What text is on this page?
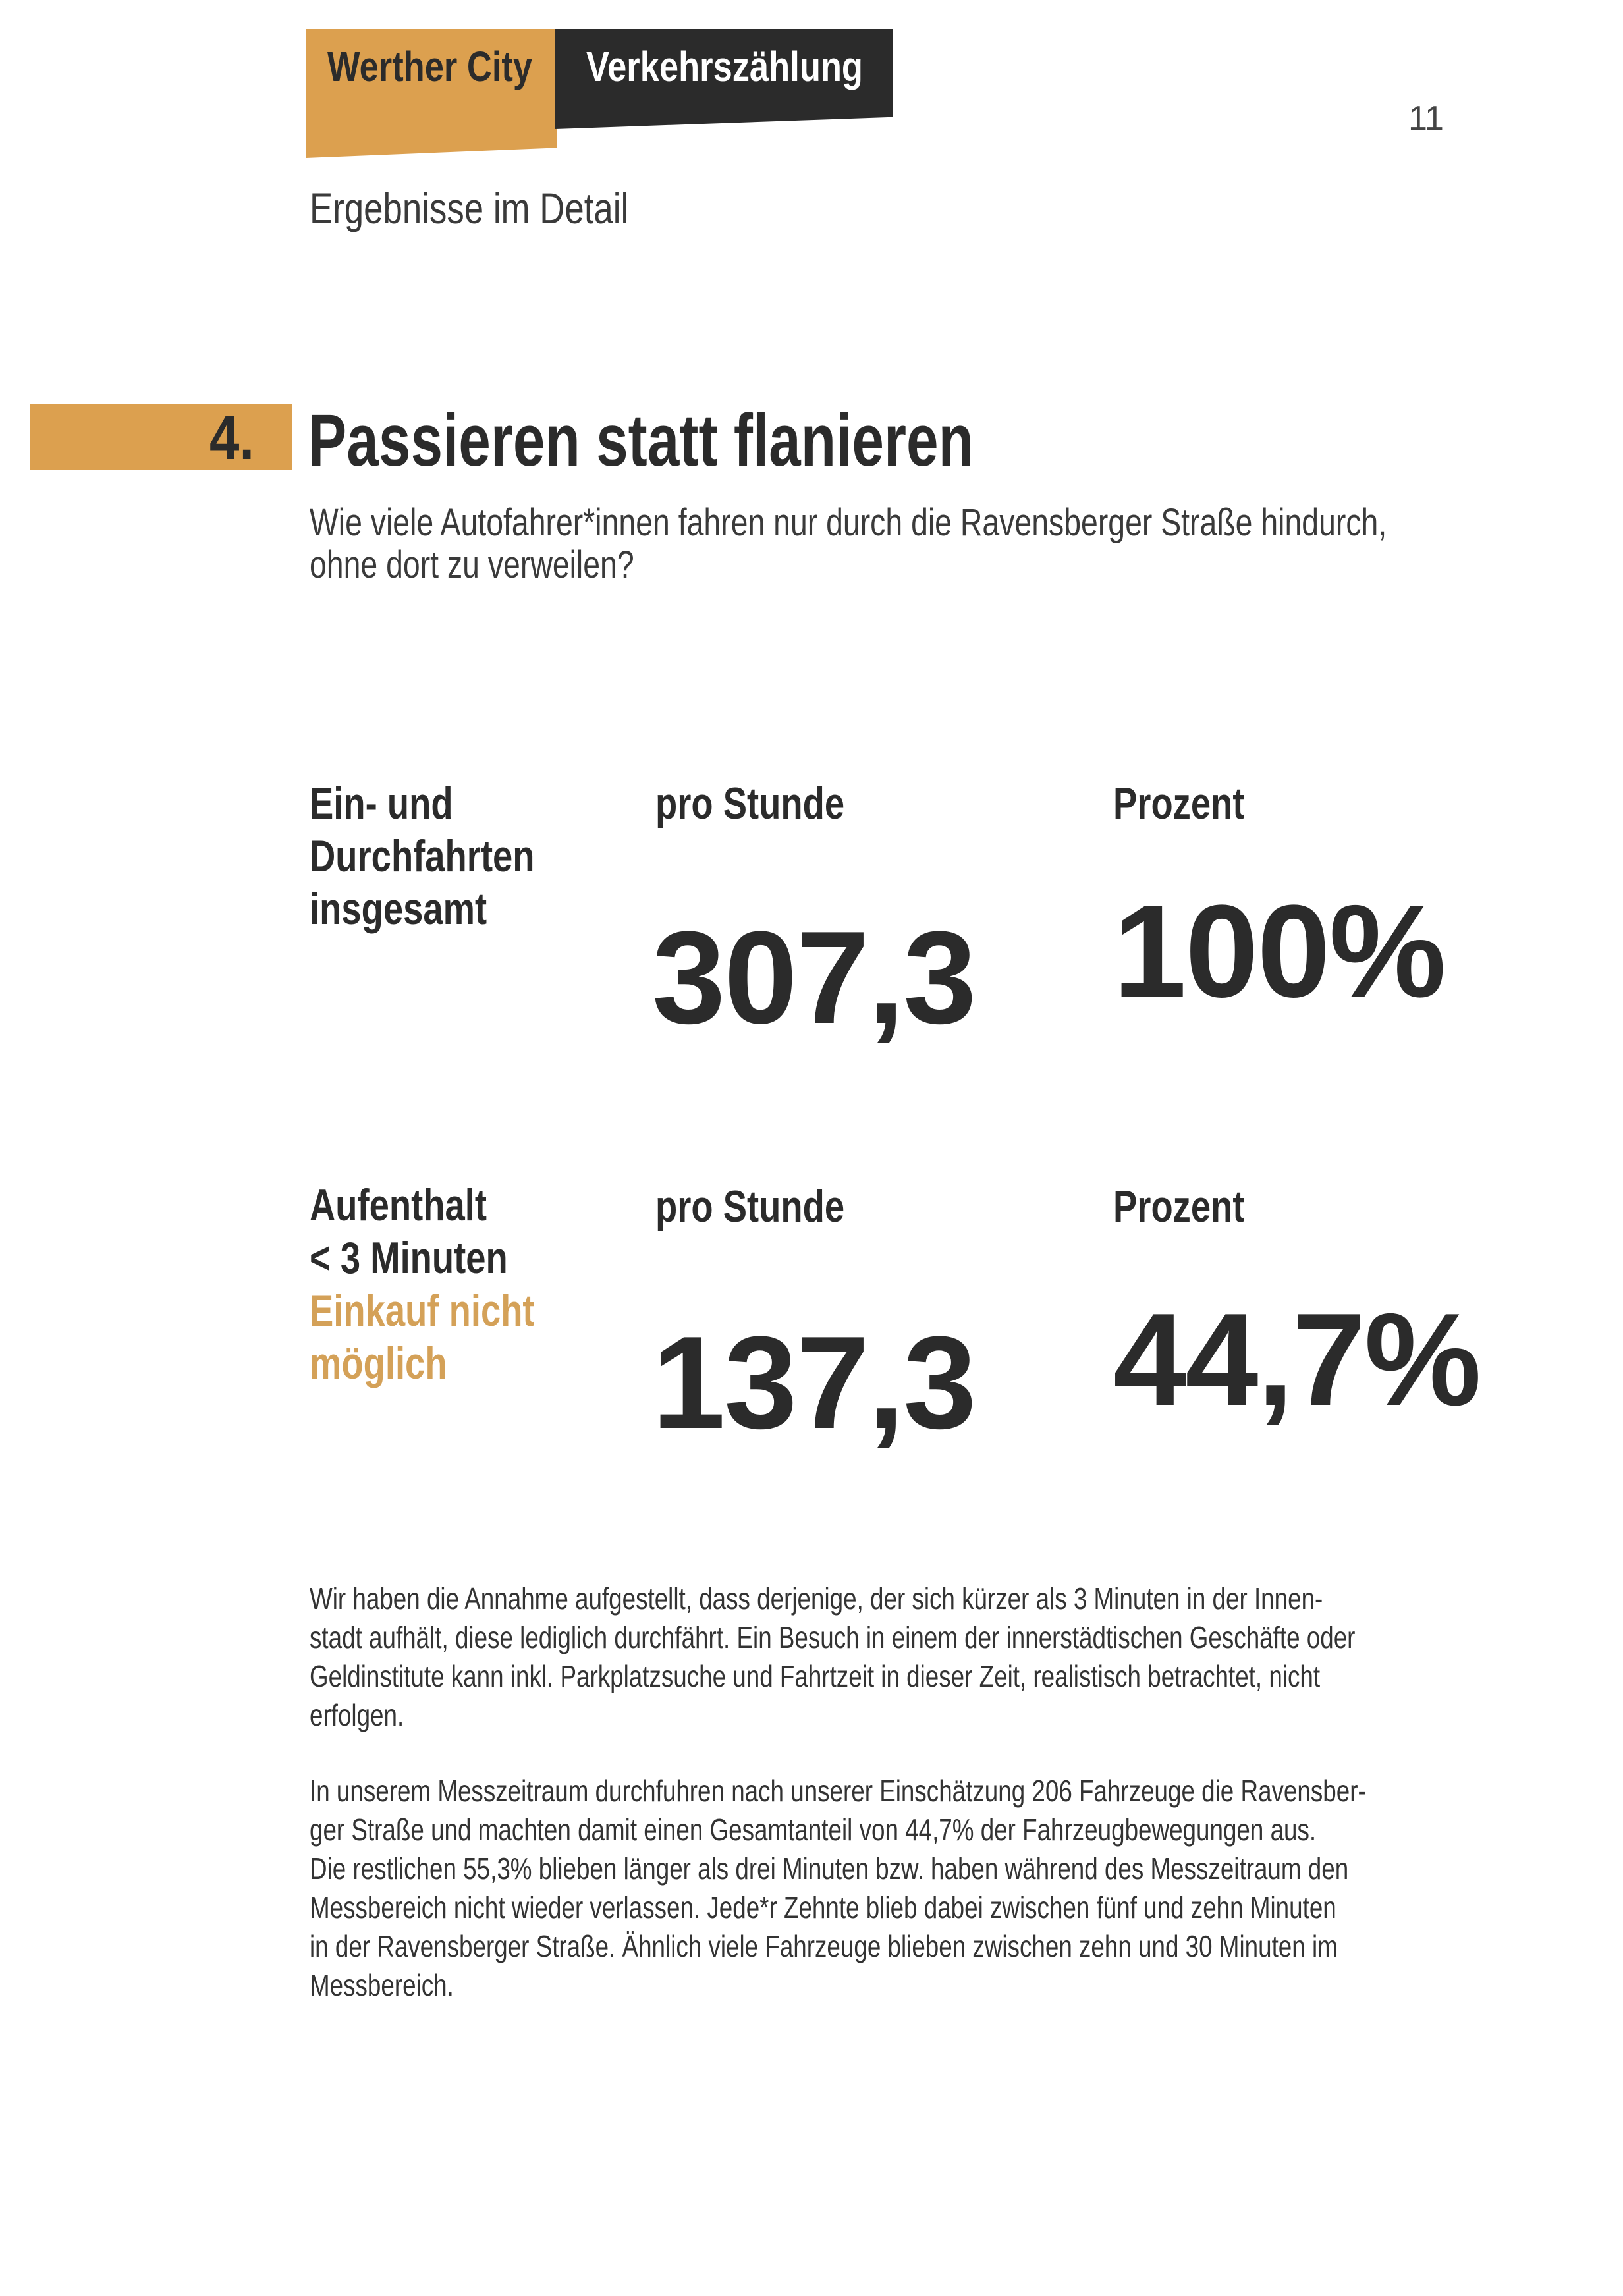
Werther City Verkehrszählung
11
Ergebnisse im Detail
4. Passieren statt flanieren
Wie viele Autofahrer*innen fahren nur durch die Ravensberger Straße hindurch,
ohne dort zu verweilen?
Ein- und
Durchfahrten
insgesamt
pro Stunde	Prozent
307,3 100%
Aufenthalt
< 3 Minuten
Einkauf nicht
möglich
pro Stunde	Prozent
137,3 44,7%
Wir haben die Annahme aufgestellt, dass derjenige, der sich kürzer als 3 Minuten in der Innen-
stadt aufhält, diese lediglich durchfährt. Ein Besuch in einem der innerstädtischen Geschäfte oder
Geldinstitute kann inkl. Parkplatzsuche und Fahrtzeit in dieser Zeit, realistisch betrachtet, nicht
erfolgen.
In unserem Messzeitraum durchfuhren nach unserer Einschätzung 206 Fahrzeuge die Ravensber-
ger Straße und machten damit einen Gesamtanteil von 44,7% der Fahrzeugbewegungen aus.
Die restlichen 55,3% blieben länger als drei Minuten bzw. haben während des Messzeitraum den
Messbereich nicht wieder verlassen. Jede*r Zehnte blieb dabei zwischen fünf und zehn Minuten
in der Ravensberger Straße. Ähnlich viele Fahrzeuge blieben zwischen zehn und 30 Minuten im
Messbereich.
